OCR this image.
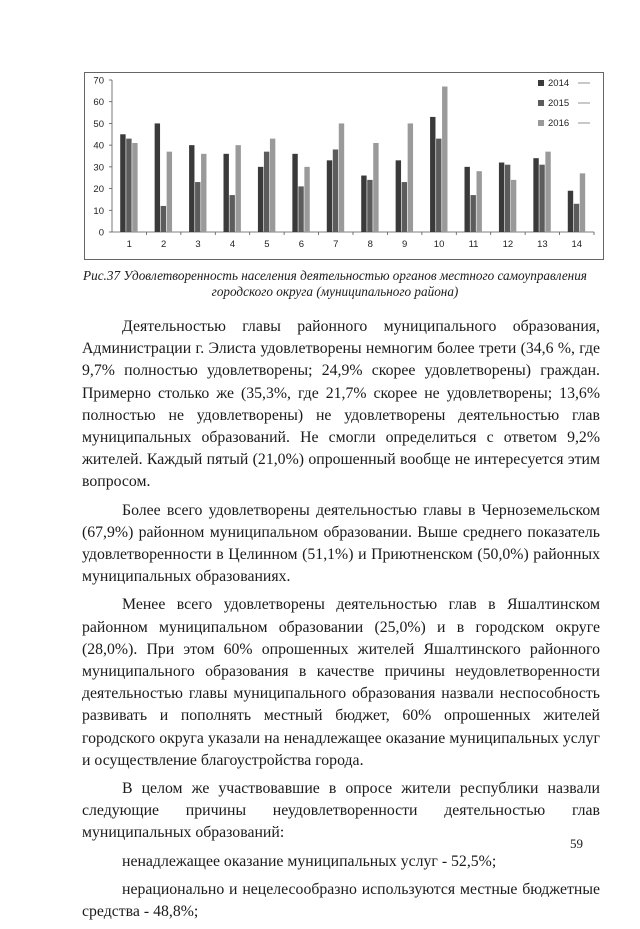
0
10
20
30
40
50
60
70
1	2	3	4	5	6	7	8	9	10	11	12	13	14
2014
2015
2016
Рис.37 Удовлетворенность населения деятельностью органов местного самоуправления городского округа (муниципального района)

Деятельностью главы районного муниципального образования, Администрации г. Элиста удовлетворены немногим более трети (34,6 %, где 9,7% полностью удовлетворены; 24,9% скорее удовлетворены) граждан. Примерно столько же (35,3%, где 21,7% скорее не удовлетворены; 13,6% полностью не удовлетворены) не удовлетворены деятельностью глав муниципальных образований. Не смогли определиться с ответом 9,2% жителей. Каждый пятый (21,0%) опрошенный вообще не интересуется этим вопросом.

Более всего удовлетворены деятельностью главы в Черноземельском (67,9%) районном муниципальном образовании. Выше среднего показатель удовлетворенности в Целинном (51,1%) и Приютненском (50,0%) районных муниципальных образованиях.

Менее всего удовлетворены деятельностью глав в Яшалтинском районном муниципальном образовании (25,0%) и в городском округе (28,0%). При этом 60% опрошенных жителей Яшалтинского районного муниципального образования в качестве причины неудовлетворенности деятельностью главы муниципального образования назвали неспособность развивать и пополнять местный бюджет, 60% опрошенных жителей городского округа указали на ненадлежащее оказание муниципальных услуг и осуществление благоустройства города.

В целом же участвовавшие в опросе жители республики назвали следующие причины неудовлетворенности деятельностью глав

муниципальных образований:

ненадлежащее оказание муниципальных услуг - 52,5%;

нерационально и нецелесообразно используются местные бюджетные средства - 48,8%;

59
